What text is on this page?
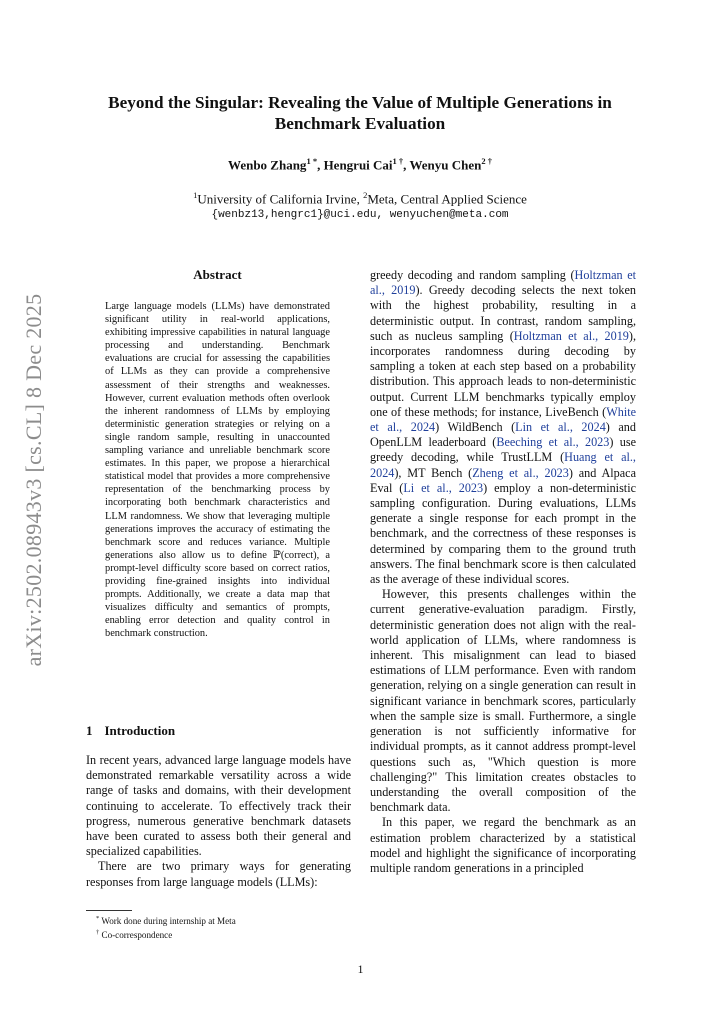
arXiv:2502.08943v3 [cs.CL] 8 Dec 2025
Beyond the Singular: Revealing the Value of Multiple Generations in Benchmark Evaluation
Wenbo Zhang$^{1 *}$, Hengrui Cai$^{1 \dagger}$, Wenyu Chen$^{2 \dagger}$
$^1$University of California Irvine, $^2$Meta, Central Applied Science
{wenbz13,hengrc1}@uci.edu, wenyuchen@meta.com
Abstract
Large language models (LLMs) have demonstrated significant utility in real-world applications, exhibiting impressive capabilities in natural language processing and understanding. Benchmark evaluations are crucial for assessing the capabilities of LLMs as they can provide a comprehensive assessment of their strengths and weaknesses. However, current evaluation methods often overlook the inherent randomness of LLMs by employing deterministic generation strategies or relying on a single random sample, resulting in unaccounted sampling variance and unreliable benchmark score estimates. In this paper, we propose a hierarchical statistical model that provides a more comprehensive representation of the benchmarking process by incorporating both benchmark characteristics and LLM randomness. We show that leveraging multiple generations improves the accuracy of estimating the benchmark score and reduces variance. Multiple generations also allow us to define ℙ(correct), a prompt-level difficulty score based on correct ratios, providing fine-grained insights into individual prompts. Additionally, we create a data map that visualizes difficulty and semantics of prompts, enabling error detection and quality control in benchmark construction.
1 Introduction

In recent years, advanced large language models have demonstrated remarkable versatility across a wide range of tasks and domains, with their development continuing to accelerate. To effectively track their progress, numerous generative benchmark datasets have been curated to assess both their general and specialized capabilities.

There are two primary ways for generating responses from large language models (LLMs):

* Work done during internship at Meta
† Co-correspondence

greedy decoding and random sampling (Holtzman et al., 2019). Greedy decoding selects the next token with the highest probability, resulting in a deterministic output. In contrast, random sampling, such as nucleus sampling (Holtzman et al., 2019), incorporates randomness during decoding by sampling a token at each step based on a probability distribution. This approach leads to non-deterministic output. Current LLM benchmarks typically employ one of these methods; for instance, LiveBench (White et al., 2024) WildBench (Lin et al., 2024) and OpenLLM leaderboard (Beeching et al., 2023) use greedy decoding, while TrustLLM (Huang et al., 2024), MT Bench (Zheng et al., 2023) and Alpaca Eval (Li et al., 2023) employ a non-deterministic sampling configuration. During evaluations, LLMs generate a single response for each prompt in the benchmark, and the correctness of these responses is determined by comparing them to the ground truth answers. The final benchmark score is then calculated as the average of these individual scores.

However, this presents challenges within the current generative-evaluation paradigm. Firstly, deterministic generation does not align with the real-world application of LLMs, where randomness is inherent. This misalignment can lead to biased estimations of LLM performance. Even with random generation, relying on a single generation can result in significant variance in benchmark scores, particularly when the sample size is small. Furthermore, a single generation is not sufficiently informative for individual prompts, as it cannot address prompt-level questions such as, "Which question is more challenging?" This limitation creates obstacles to understanding the overall composition of the benchmark data.

In this paper, we regard the benchmark as an estimation problem characterized by a statistical model and highlight the significance of incorporating multiple random generations in a principled

1
